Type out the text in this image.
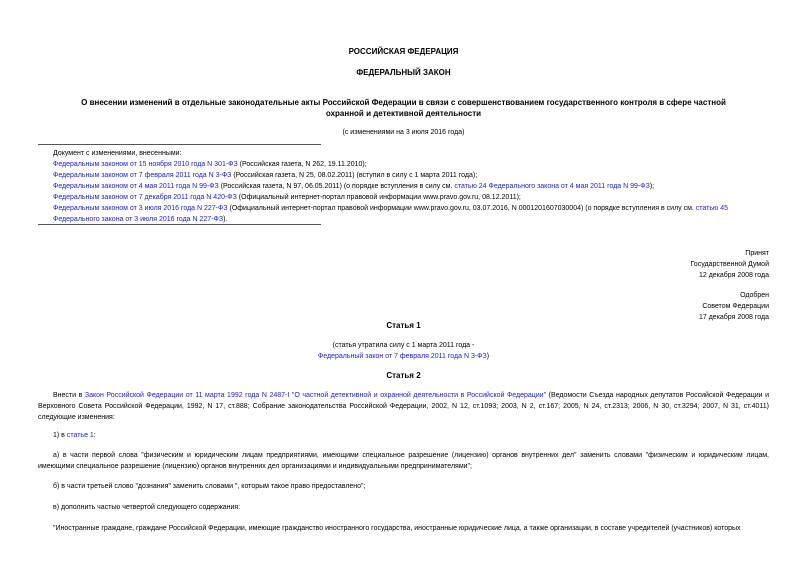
РОССИЙСКАЯ ФЕДЕРАЦИЯ
ФЕДЕРАЛЬНЫЙ ЗАКОН
О внесении изменений в отдельные законодательные акты Российской Федерации в связи с совершенствованием государственного контроля в сфере частной
охранной и детективной деятельности
(с изменениями на 3 июля 2016 года)
Документ с изменениями, внесенными:
Федеральным законом от 15 ноября 2010 года N 301-ФЗ (Российская газета, N 262, 19.11.2010);
Федеральным законом от 7 февраля 2011 года N 3-ФЗ (Российская газета, N 25, 08.02.2011) (вступил в силу с 1 марта 2011 года);
Федеральным законом от 4 мая 2011 года N 99-ФЗ (Российская газета, N 97, 06.05.2011) (о порядке вступления в силу см. статью 24 Федерального закона от 4 мая 2011 года N 99-ФЗ);
Федеральным законом от 7 декабря 2011 года N 420-ФЗ (Официальный интернет-портал правовой информации www.pravo.gov.ru, 08.12.2011);
Федеральным законом от 3 июля 2016 года N 227-ФЗ (Официальный интернет-портал правовой информации www.pravo.gov.ru, 03.07.2016, N 0001201607030004) (о порядке вступления в силу см. статью 45 Федерального закона от 3 июля 2016 года N 227-ФЗ).
Принят
Государственной Думой
12 декабря 2008 года
Одобрен
Советом Федерации
17 декабря 2008 года
Статья 1
(статья утратила силу с 1 марта 2011 года -
Федеральный закон от 7 февраля 2011 года N 3-ФЗ)
Статья 2
Внести в Закон Российской Федерации от 11 марта 1992 года N 2487-I "О частной детективной и охранной деятельности в Российской Федерации" (Ведомости Съезда народных депутатов Российской Федерации и Верховного Совета Российской Федерации, 1992, N 17, ст.888; Собрание законодательства Российской Федерации, 2002, N 12, ст.1093; 2003, N 2, ст.167; 2005, N 24, ст.2313; 2006, N 30, ст.3294; 2007, N 31, ст.4011) следующие изменения:
1) в статье 1:
а) в части первой слова "физическим и юридическим лицам предприятиями, имеющими специальное разрешение (лицензию) органов внутренних дел" заменить словами "физическим и юридическим лицам, имеющими специальное разрешение (лицензию) органов внутренних дел организациями и индивидуальными предпринимателями";
б) в части третьей слово "дознания" заменить словами ", которым такое право предоставлено";
в) дополнить частью четвертой следующего содержания:
"Иностранные граждане, граждане Российской Федерации, имеющие гражданство иностранного государства, иностранные юридические лица, а также организации, в составе учредителей (участников) которых
